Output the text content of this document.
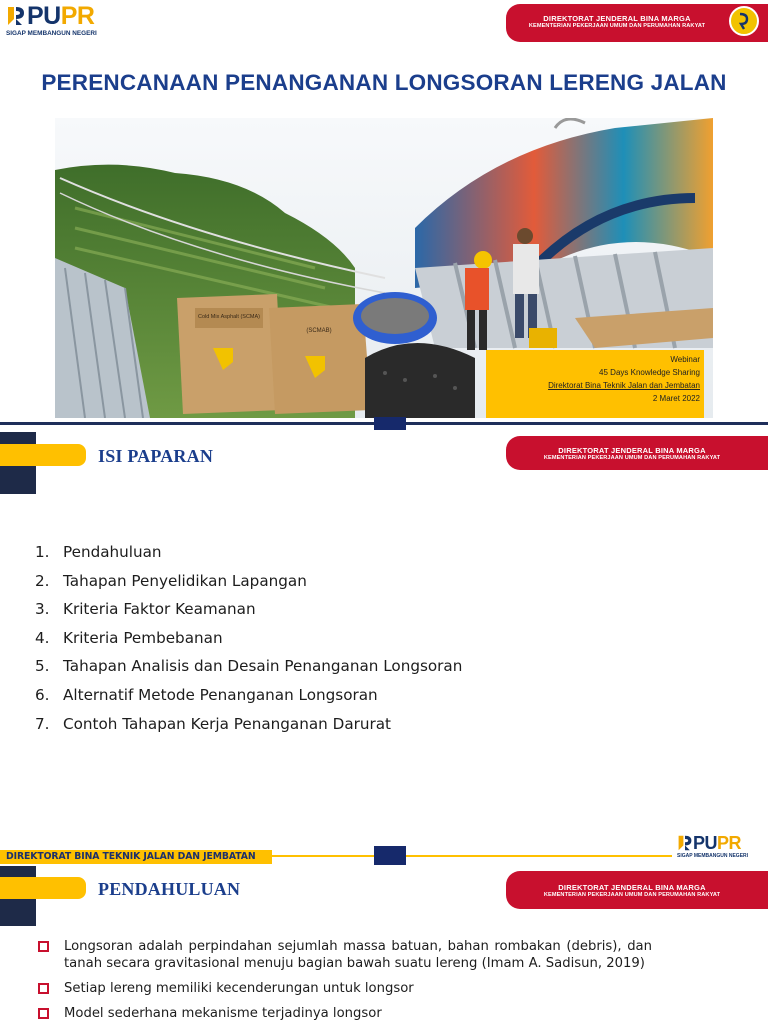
PUPR
SIGAP MEMBANGUN NEGERI
DIREKTORAT JENDERAL BINA MARGA
KEMENTERIAN PEKERJAAN UMUM DAN PERUMAHAN RAKYAT
PERENCANAAN PENANGANAN LONGSORAN LERENG JALAN
Cold Mix Asphalt (SCMA)
(SCMAB)
Webinar
45 Days Knowledge Sharing
Direktorat Bina Teknik Jalan dan Jembatan
2 Maret 2022
ISI PAPARAN	DIREKTORAT JENDERAL BINA MARGA
KEMENTERIAN PEKERJAAN UMUM DAN PERUMAHAN RAKYAT
1. Pendahuluan
2. Tahapan Penyelidikan Lapangan
3. Kriteria Faktor Keamanan
4. Kriteria Pembebanan
5. Tahapan Analisis dan Desain Penanganan Longsoran
6. Alternatif Metode Penanganan Longsoran
7. Contoh Tahapan Kerja Penanganan Darurat
DIREKTORAT BINA TEKNIK JALAN DAN JEMBATAN
PUPR
SIGAP MEMBANGUN NEGERI
PENDAHULUAN	DIREKTORAT JENDERAL BINA MARGA
KEMENTERIAN PEKERJAAN UMUM DAN PERUMAHAN RAKYAT
Longsoran adalah perpindahan sejumlah massa batuan, bahan rombakan (debris), dan tanah secara gravitasional menuju bagian bawah suatu lereng (Imam A. Sadisun, 2019)
Setiap lereng memiliki kecenderungan untuk longsor
Model sederhana mekanisme terjadinya longsor
